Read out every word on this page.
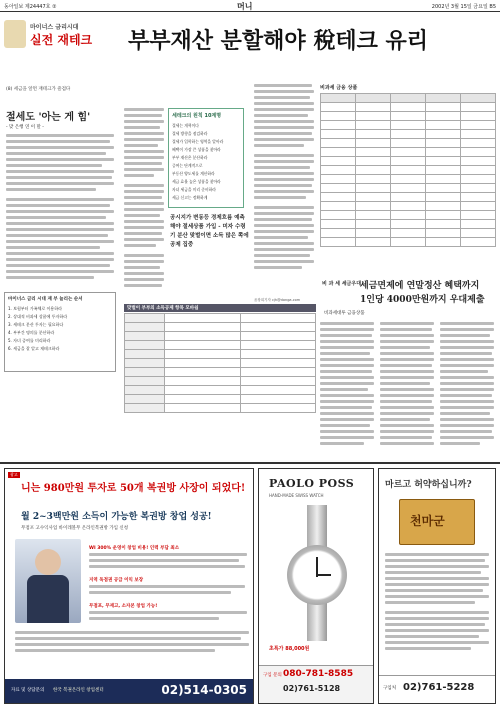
동아일보 제24447호 ②	머니	2002년 3월 15일 금요일 B5
마이너스 금리시대
실전 재테크 부부재산 분할해야 稅테크 유리
(8) 세금을 알면 재테크가 즐겁다
절세도 '아는 게 힘'
- 맞 은행 연 이 말 -
마이너스 금리 시대 재 부 늘리는 순서
1. 보험부터 가족체로 이용하라
2. 상대적 비과세 상품에 투자하라
3. 세테크 분산 투자는 필요하다
4. 부부간 명의를 분산하라
5. 자녀 증여를 미리하라
6. 세금을 잘 알고 재테크하라
세테크의 원칙 10계명
절세는 개혁이다
절세 방향을 점검하라
절세가 입학하는 영역을 알아라
혜택이 가장 큰 상품을 찾아라
부부 재산은 분산하라
증여는 단계적으로
부동산 양도세를 계산하라
세금 효율 높은 상품을 찾아라
자녀 세금을 미리 준비하라
세금 신고는 정확하게
공시지가 변동등 경제흐름 예측해야 절세상품 가입 - 미자 수령기 분산 맞벌이면 소득 많은 쪽에 공제 집중
비과세 금융 상품

비 과 세 세금우대
세금면제에 연말정산 혜택까지
1인당 4000만원까지 우대제출
비과세대투 금융상품
맞벌이 부부의 소득공제 항목 모바쉽

윤창희기자 cjh@donga.com
광고
니는 980만원 투자로 50개 복권방 사장이 되었다!
월 2~3백만원 소득이 가능한 복권방 창업 성공!
무점포 고수익사업 바이레볼무 온라인복권방 가입 신청
WI 300% 운영이 창업 비용! 인력 부담 최소
지역 독점권 공급 이익 보장
무점포, 무재고, 소자본 창업 가능!
자료 및 상담문의 한국 복권온라인 창업센터	02)514-0305
PAOLO POSS
HAND-MADE SWISS WATCH
초특가 88,000원
구입 문의 080-781-8585
02)761-5128
마르고 허약하십니까?
천마군
구입처 02)761-5228
